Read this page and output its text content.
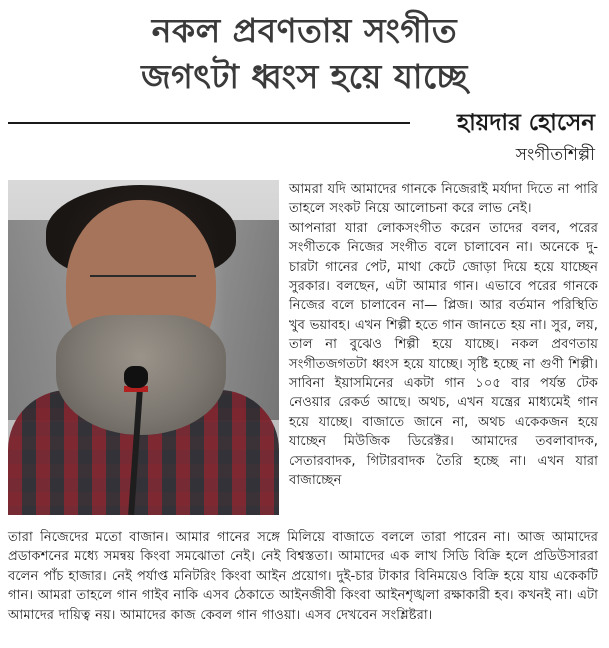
নকল প্রবণতায় সংগীত
জগৎটা ধ্বংস হয়ে যাচ্ছে
হায়দার হোসেন
সংগীতশিল্পী

আমরা যদি আমাদের গানকে নিজেরাই মর্যাদা দিতে না পারি তাহলে সংকট নিয়ে আলোচনা করে লাভ নেই।

আপনারা যারা লোকসংগীত করেন তাদের বলব, পরের সংগীতকে নিজের সংগীত বলে চালাবেন না। অনেকে দু-চারটা গানের পেট, মাথা কেটে জোড়া দিয়ে হয়ে যাচ্ছেন সুরকার। বলছেন, এটা আমার গান। এভাবে পরের গানকে নিজের বলে চালাবেন না— প্লিজ। আর বর্তমান পরিস্থিতি খুব ভয়াবহ। এখন শিল্পী হতে গান জানতে হয় না। সুর, লয়, তাল না বুঝেও শিল্পী হয়ে যাচ্ছে। নকল প্রবণতায় সংগীতজগতটা ধ্বংস হয়ে যাচ্ছে। সৃষ্টি হচ্ছে না গুণী শিল্পী। সাবিনা ইয়াসমিনের একটা গান ১০৫ বার পর্যন্ত টেক নেওয়ার রেকর্ড আছে। অথচ, এখন যন্ত্রের মাধ্যমেই গান হয়ে যাচ্ছে। বাজাতে জানে না, অথচ একেকজন হয়ে যাচ্ছেন মিউজিক ডিরেক্টর। আমাদের তবলাবাদক, সেতারবাদক, গিটারবাদক তৈরি হচ্ছে না। এখন যারা বাজাচ্ছেন

তারা নিজেদের মতো বাজান। আমার গানের সঙ্গে মিলিয়ে বাজাতে বললে তারা পারেন না। আজ আমাদের প্রডাকশনের মধ্যে সমন্বয় কিংবা সমঝোতা নেই। নেই বিশ্বস্ততা। আমাদের এক লাখ সিডি বিক্রি হলে প্রডিউসাররা বলেন পাঁচ হাজার। নেই পর্যাপ্ত মনিটরিং কিংবা আইন প্রয়োগ। দুই-চার টাকার বিনিময়েও বিক্রি হয়ে যায় একেকটি গান। আমরা তাহলে গান গাইব নাকি এসব ঠেকাতে আইনজীবী কিংবা আইনশৃঙ্খলা রক্ষাকারী হব। কখনই না। এটা আমাদের দায়িত্ব নয়। আমাদের কাজ কেবল গান গাওয়া। এসব দেখবেন সংশ্লিষ্টরা।
